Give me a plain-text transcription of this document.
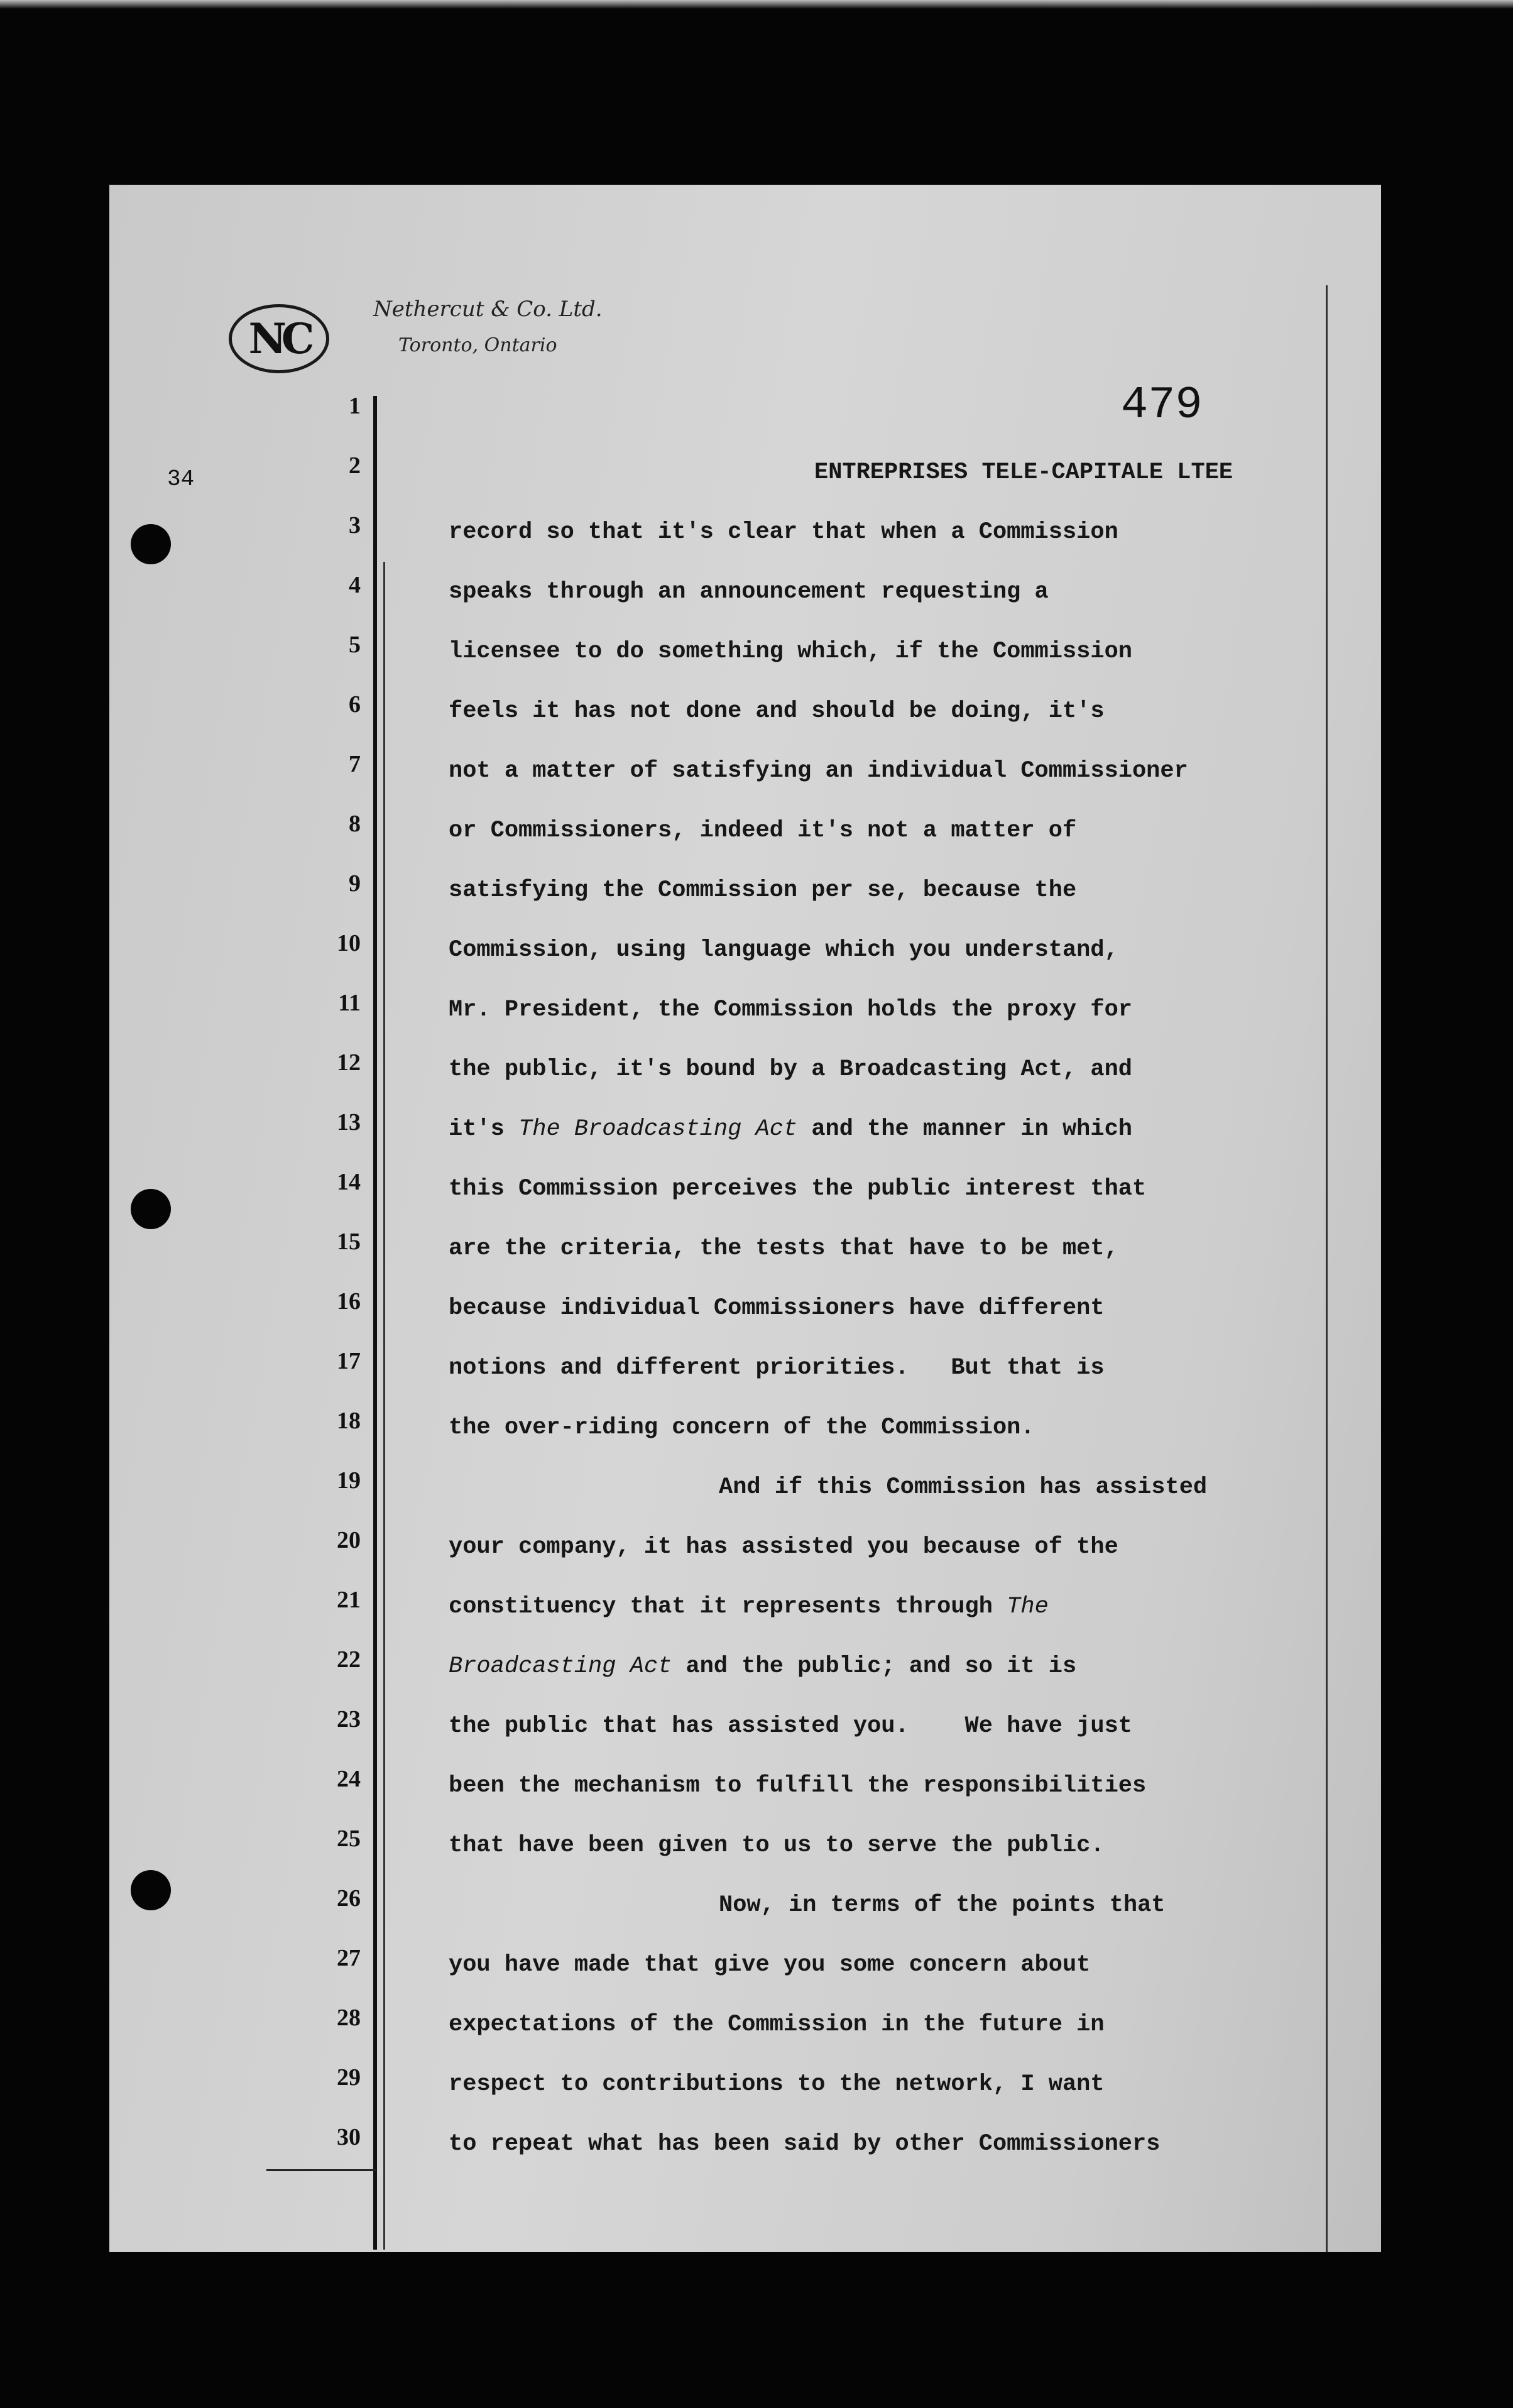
NC
Nethercut & Co. Ltd.
Toronto, Ontario
479
34
1
2
3
4
5
6
7
8
9
10
11
12
13
14
15
16
17
18
19
20
21
22
23
24
25
26
27
28
29
30
ENTREPRISES TELE-CAPITALE LTEE
record so that it's clear that when a Commission
speaks through an announcement requesting a
licensee to do something which, if the Commission
feels it has not done and should be doing, it's
not a matter of satisfying an individual Commissioner
or Commissioners, indeed it's not a matter of
satisfying the Commission per se, because the
Commission, using language which you understand,
Mr. President, the Commission holds the proxy for
the public, it's bound by a Broadcasting Act, and
it's The Broadcasting Act and the manner in which
this Commission perceives the public interest that
are the criteria, the tests that have to be met,
because individual Commissioners have different
notions and different priorities.   But that is
the over-riding concern of the Commission.
And if this Commission has assisted
your company, it has assisted you because of the
constituency that it represents through The
Broadcasting Act and the public; and so it is
the public that has assisted you.    We have just
been the mechanism to fulfill the responsibilities
that have been given to us to serve the public.
Now, in terms of the points that
you have made that give you some concern about
expectations of the Commission in the future in
respect to contributions to the network, I want
to repeat what has been said by other Commissioners
